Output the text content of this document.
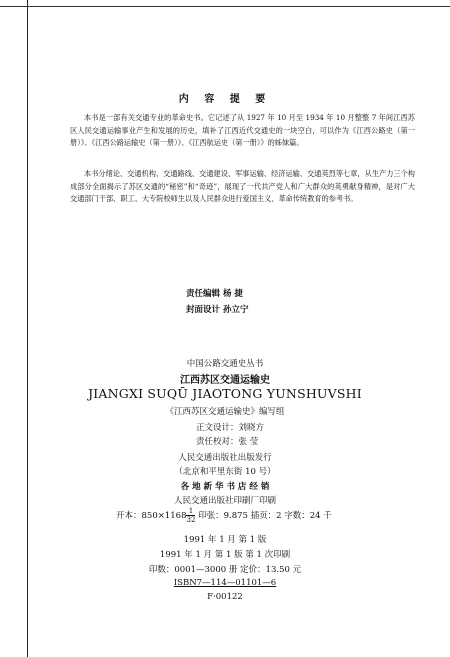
内 容 提 要
本书是一部有关交通专业的革命史书。它记述了从 1927 年 10 月至 1934 年 10 月整整 7 年间江西苏区人民交通运输事业产生和发展的历史，填补了江西近代交通史的一块空白，可以作为《江西公路史（第一册）》、《江西公路运输史（第一册）》、《江西航运史（第一册）》的姊妹篇。
本书分绪论、交通机构、交通路线、交通建设、军事运输、经济运输、交通英烈等七章，从生产力三个构成部分全面揭示了苏区交通的“秘密”和“奇迹”，展现了一代共产党人和广大群众的英勇献身精神，是对广大交通部门干部、职工、大专院校师生以及人民群众进行爱国主义、革命传统教育的参考书。
责任编辑 杨 捷
封面设计 孙立宁
中国公路交通史丛书
江西苏区交通运输史
JIANGXI SUQŪ JIAOTONG YUNSHUVSHI
《江西苏区交通运输史》编写组
正文设计：刘晓方
责任校对：张 莹
人民交通出版社出版发行
（北京和平里东街 10 号）
各 地 新 华 书 店 经 销
人民交通出版社印刷厂印刷
开本：$850\times 1168 \frac{1}{32}$ 印张：9.875 插页：2 字数：24 千
1991 年 1 月 第 1 版
1991 年 1 月 第 1 版 第 1 次印刷
印数：0001—3000 册 定价：13.50 元
ISBN7—114—01101—6
F·00122
